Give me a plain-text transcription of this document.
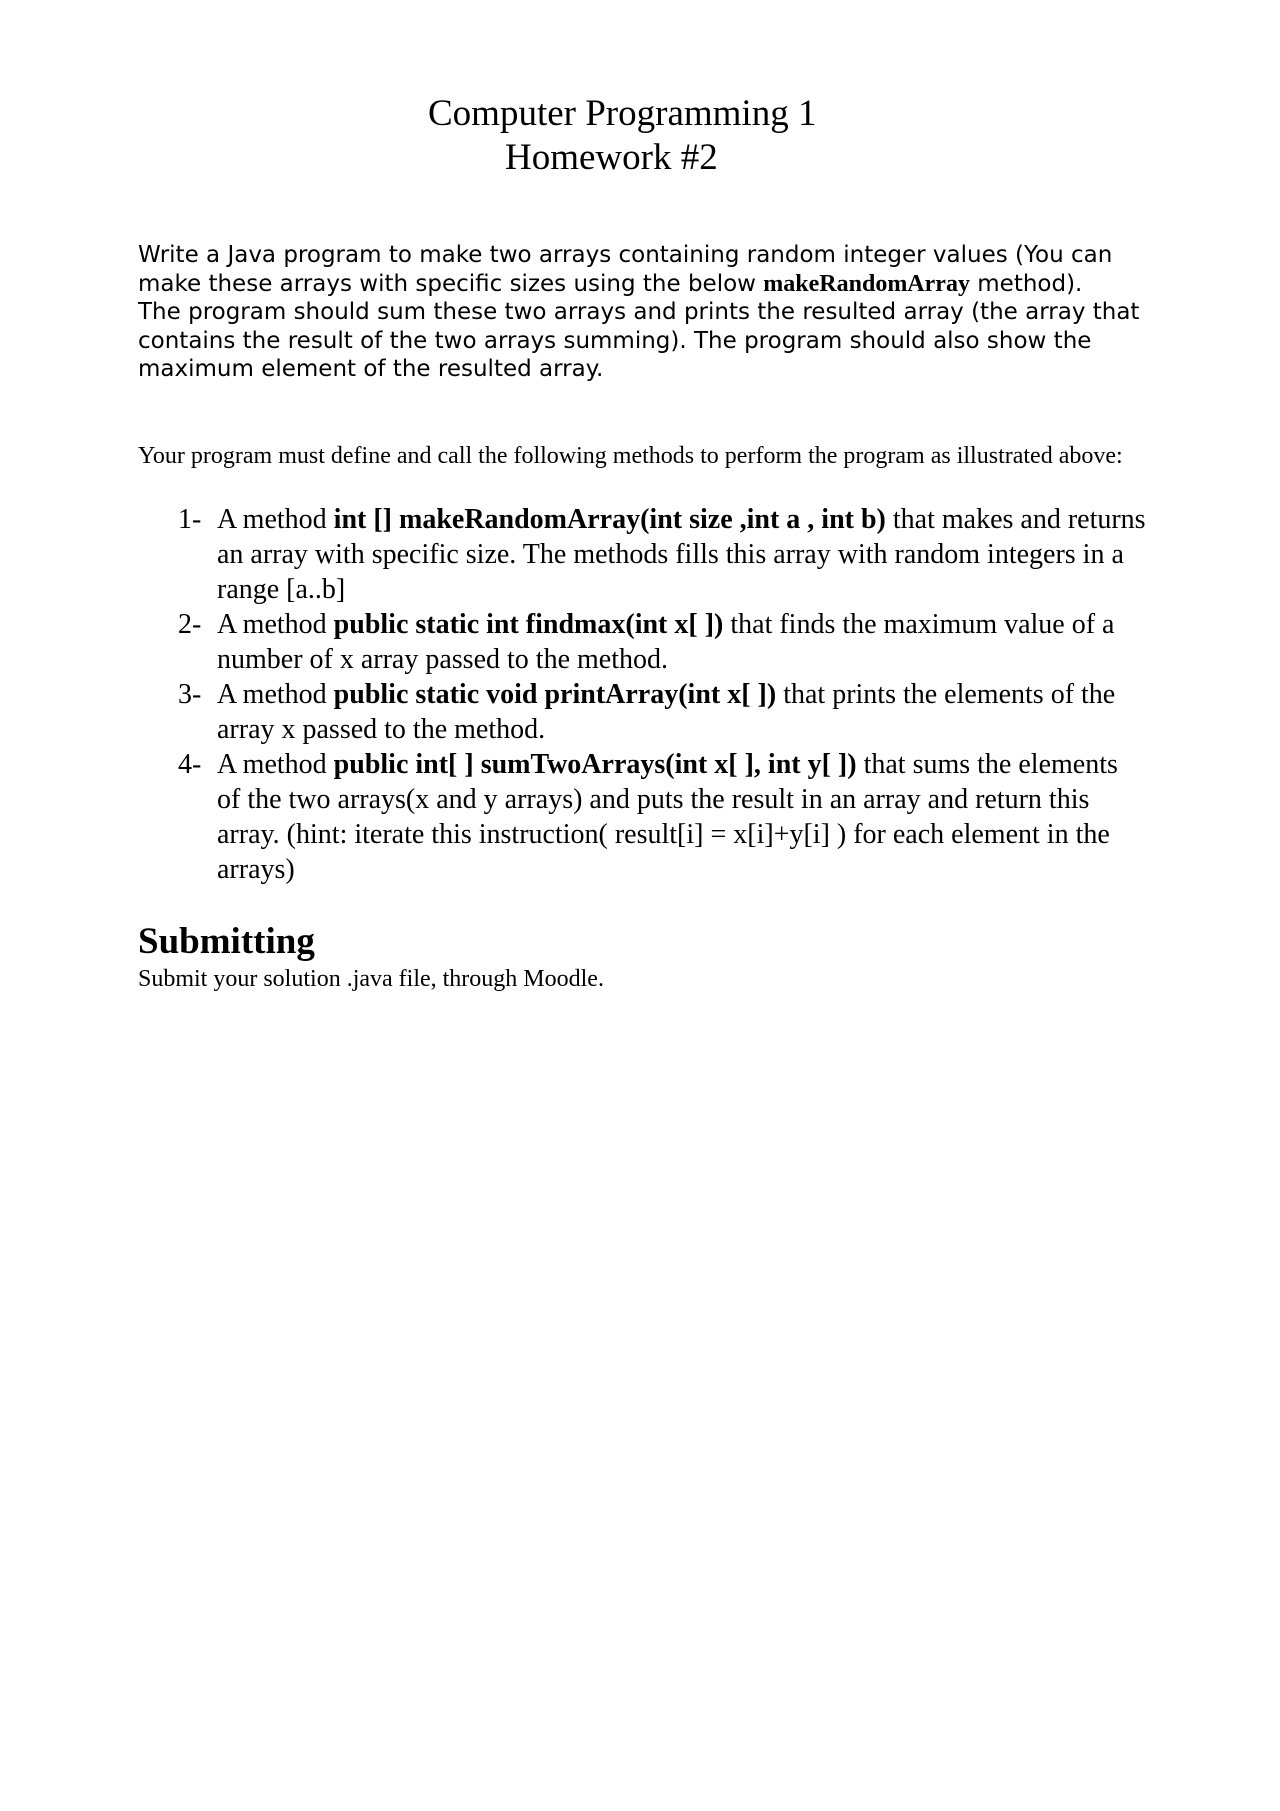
Computer Programming 1
Homework #2

Write a Java program to make two arrays containing random integer values (You can make these arrays with specific sizes using the below makeRandomArray method).

The program should sum these two arrays and prints the resulted array (the array that contains the result of the two arrays summing). The program should also show the maximum element of the resulted array.

Your program must define and call the following methods to perform the program as illustrated above:

1- A method int [] makeRandomArray(int size ,int a , int b) that makes and returns an array with specific size. The methods fills this array with random integers in a range [a..b]
2- A method public static int findmax(int x[ ]) that finds the maximum value of a number of x array passed to the method.
3- A method public static void printArray(int x[ ]) that prints the elements of the array x passed to the method.
4- A method public int[ ] sumTwoArrays(int x[ ], int y[ ]) that sums the elements of the two arrays(x and y arrays) and puts the result in an array and return this array. (hint: iterate this instruction( result[i] = x[i]+y[i] ) for each element in the arrays)
Submitting

Submit your solution .java file, through Moodle.
